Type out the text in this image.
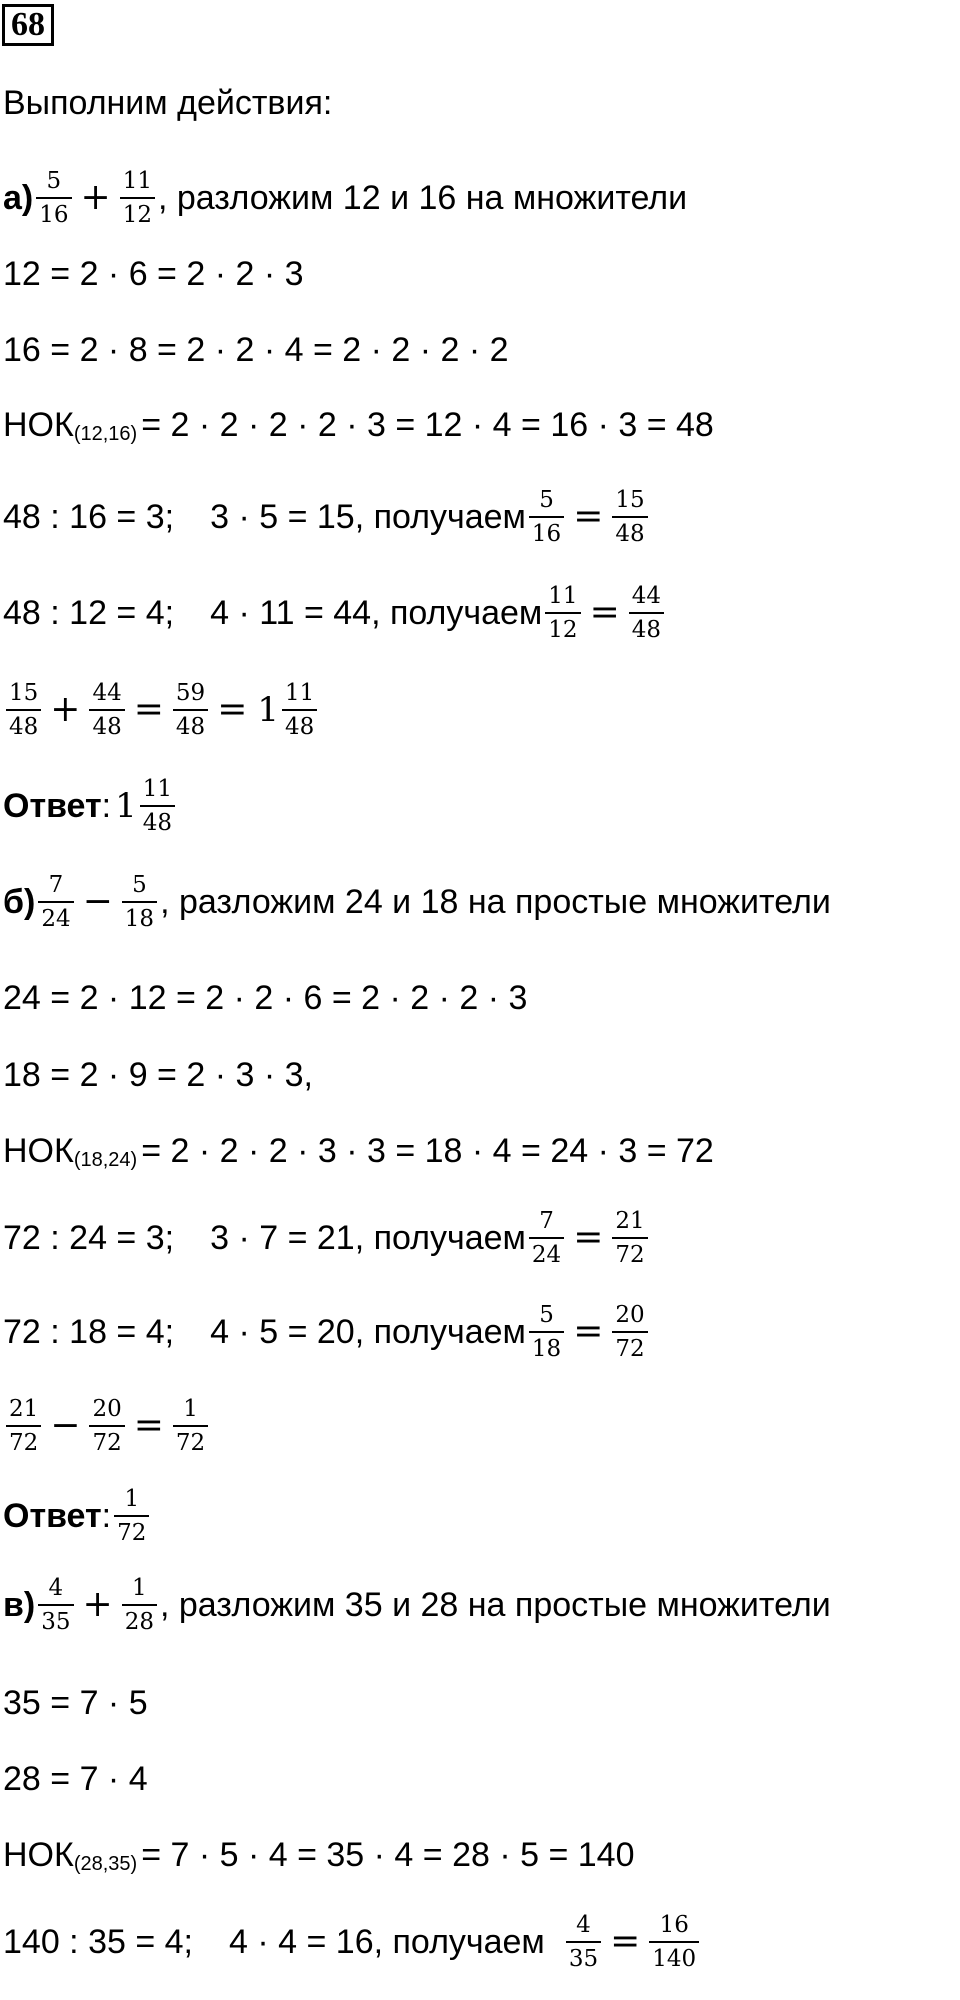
68
Выполним действия:
$а) \frac{5}{16} + \frac{11}{12}$ , разложим 12 и 16 на множители
12 = 2 · 6 = 2 · 2 · 3
16 = 2 · 8 = 2 · 2 · 4 = 2 · 2 · 2 · 2
НОК (12,16) = 2 · 2 · 2 · 2 · 3 = 12 · 4 = 16 · 3 = 48
48 : 16 = 3; 3 · 5 = 15, получаем $\frac{5}{16} = \frac{15}{48}$
48 : 12 = 4; 4 · 11 = 44, получаем $\frac{11}{12} = \frac{44}{48}$
$\frac{15}{48} + \frac{44}{48} = \frac{59}{48} = 1 \frac{11}{48}$
Ответ : $1 \frac{11}{48}$
$б) \frac{7}{24} - \frac{5}{18}$ , разложим 24 и 18 на простые множители
24 = 2 · 12 = 2 · 2 · 6 = 2 · 2 · 2 · 3
18 = 2 · 9 = 2 · 3 · 3,
НОК (18,24) = 2 · 2 · 2 · 3 · 3 = 18 · 4 = 24 · 3 = 72
72 : 24 = 3; 3 · 7 = 21, получаем $\frac{7}{24} = \frac{21}{72}$
72 : 18 = 4; 4 · 5 = 20, получаем $\frac{5}{18} = \frac{20}{72}$
$\frac{21}{72} - \frac{20}{72} = \frac{1}{72}$
Ответ : $\frac{1}{72}$
$в) \frac{4}{35} + \frac{1}{28}$ , разложим 35 и 28 на простые множители
35 = 7 · 5
28 = 7 · 4
НОК (28,35) = 7 · 5 · 4 = 35 · 4 = 28 · 5 = 140
140 : 35 = 4; 4 · 4 = 16, получаем $\frac{4}{35} = \frac{16}{140}$
